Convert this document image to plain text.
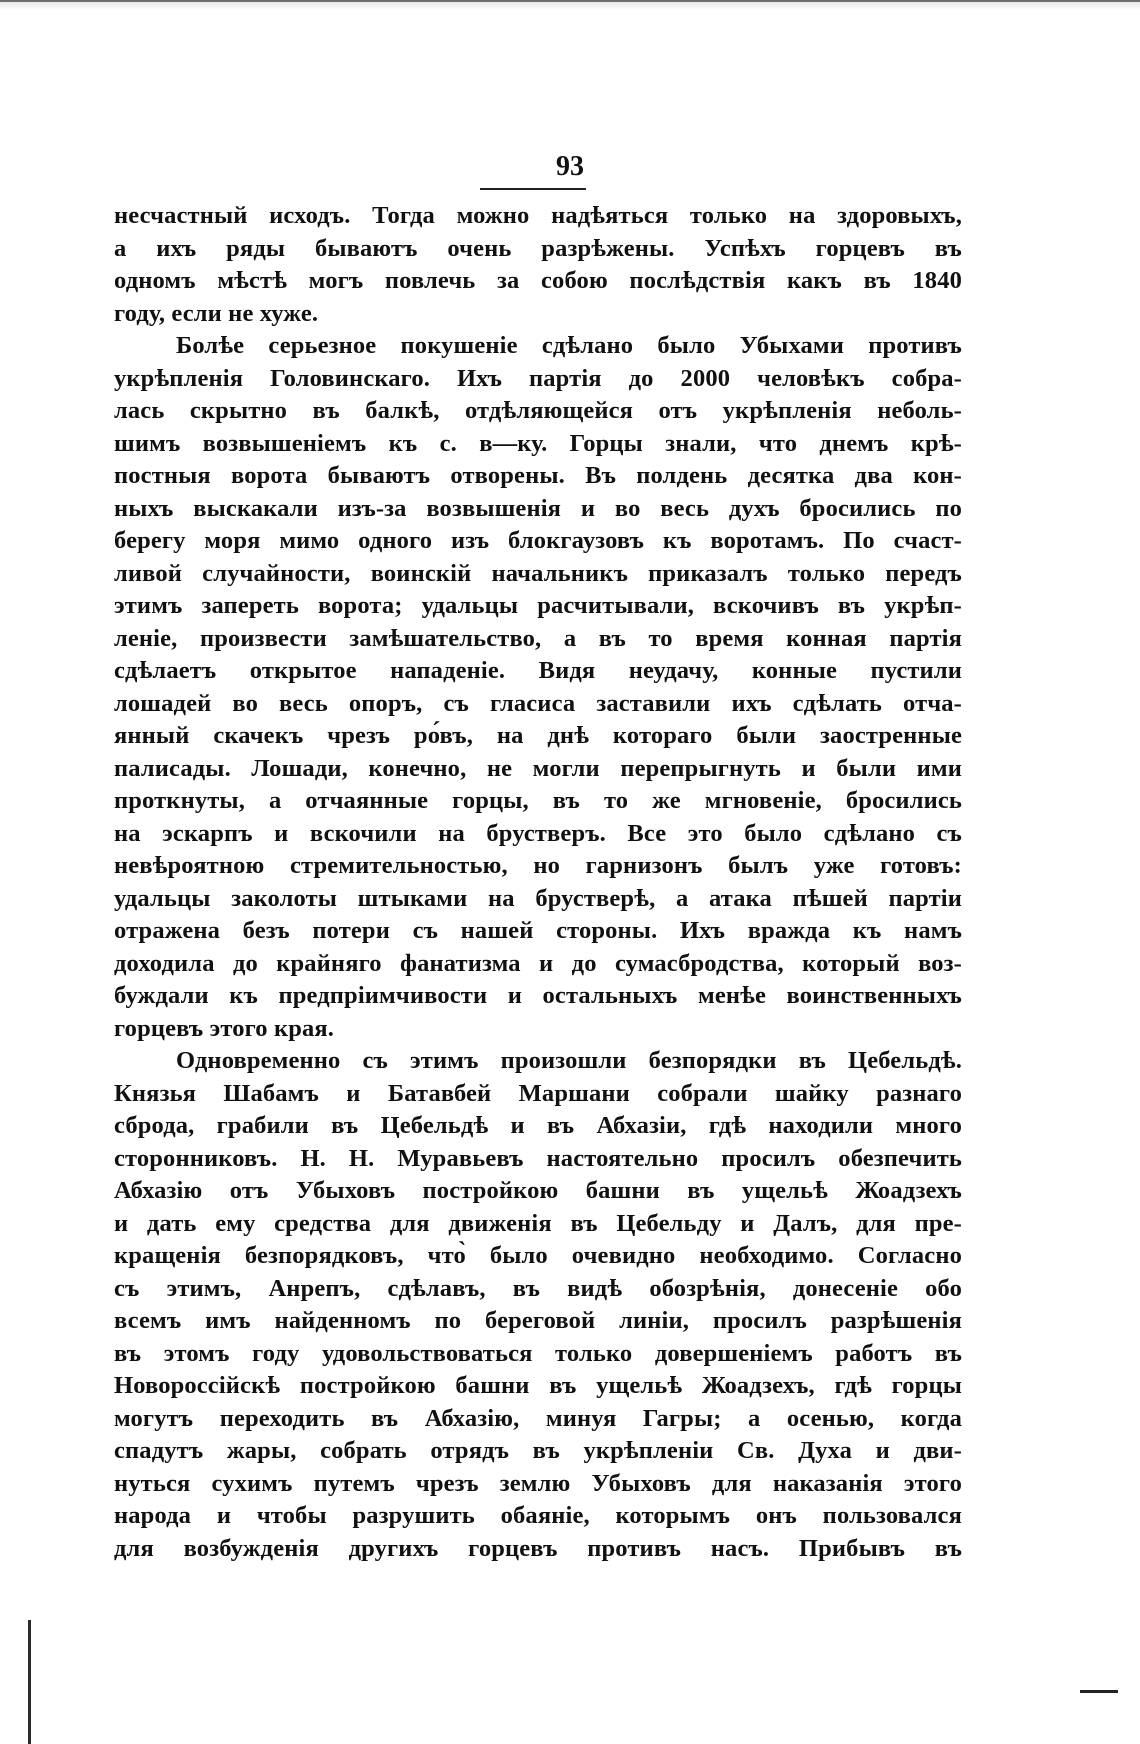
93
несчастный исходъ. Тогда можно надѣяться только на здоровыхъ,
а ихъ ряды бываютъ очень разрѣжены. Успѣхъ горцевъ въ
одномъ мѣстѣ могъ повлечь за собою послѣдствія какъ въ 1840
году, если не хуже.
Болѣе серьезное покушеніе сдѣлано было Убыхами противъ
укрѣпленія Головинскаго. Ихъ партія до 2000 человѣкъ собра-
лась скрытно въ балкѣ, отдѣляющейся отъ укрѣпленія неболь-
шимъ возвышеніемъ къ с. в—ку. Горцы знали, что днемъ крѣ-
постныя ворота бываютъ отворены. Въ полдень десятка два кон-
ныхъ выскакали изъ-за возвышенія и во весь духъ бросились по
берегу моря мимо одного изъ блокгаузовъ къ воротамъ. По счаст-
ливой случайности, воинскій начальникъ приказалъ только передъ
этимъ запереть ворота; удальцы расчитывали, вскочивъ въ укрѣп-
леніе, произвести замѣшательство, а въ то время конная партія
сдѣлаетъ открытое нападеніе. Видя неудачу, конные пустили
лошадей во весь опоръ, съ гласиса заставили ихъ сдѣлать отча-
янный скачекъ чрезъ ро́въ, на днѣ котораго были заостренные
палисады. Лошади, конечно, не могли перепрыгнуть и были ими
проткнуты, а отчаянные горцы, въ то же мгновеніе, бросились
на эскарпъ и вскочили на брустверъ. Все это было сдѣлано съ
невѣроятною стремительностью, но гарнизонъ былъ уже готовъ:
удальцы заколоты штыками на брустверѣ, а атака пѣшей партіи
отражена безъ потери съ нашей стороны. Ихъ вражда къ намъ
доходила до крайняго фанатизма и до сумасбродства, который воз-
буждали къ предпріимчивости и остальныхъ менѣе воинственныхъ
горцевъ этого края.
Одновременно съ этимъ произошли безпорядки въ Цебельдѣ.
Князья Шабамъ и Батавбей Маршани собрали шайку разнаго
сброда, грабили въ Цебельдѣ и въ Абхазіи, гдѣ находили много
сторонниковъ. Н. Н. Муравьевъ настоятельно просилъ обезпечить
Абхазію отъ Убыховъ постройкою башни въ ущельѣ Жоадзехъ
и дать ему средства для движенія въ Цебельду и Далъ, для пре-
кращенія безпорядковъ, что̀ было очевидно необходимо. Согласно
съ этимъ, Анрепъ, сдѣлавъ, въ видѣ обозрѣнія, донесеніе обо
всемъ имъ найденномъ по береговой линіи, просилъ разрѣшенія
въ этомъ году удовольствоваться только довершеніемъ работъ въ
Новороссійскѣ постройкою башни въ ущельѣ Жоадзехъ, гдѣ горцы
могутъ переходить въ Абхазію, минуя Гагры; а осенью, когда
спадутъ жары, собрать отрядъ въ укрѣпленіи Св. Духа и дви-
нуться сухимъ путемъ чрезъ землю Убыховъ для наказанія этого
народа и чтобы разрушить обаяніе, которымъ онъ пользовался
для возбужденія другихъ горцевъ противъ насъ. Прибывъ въ
